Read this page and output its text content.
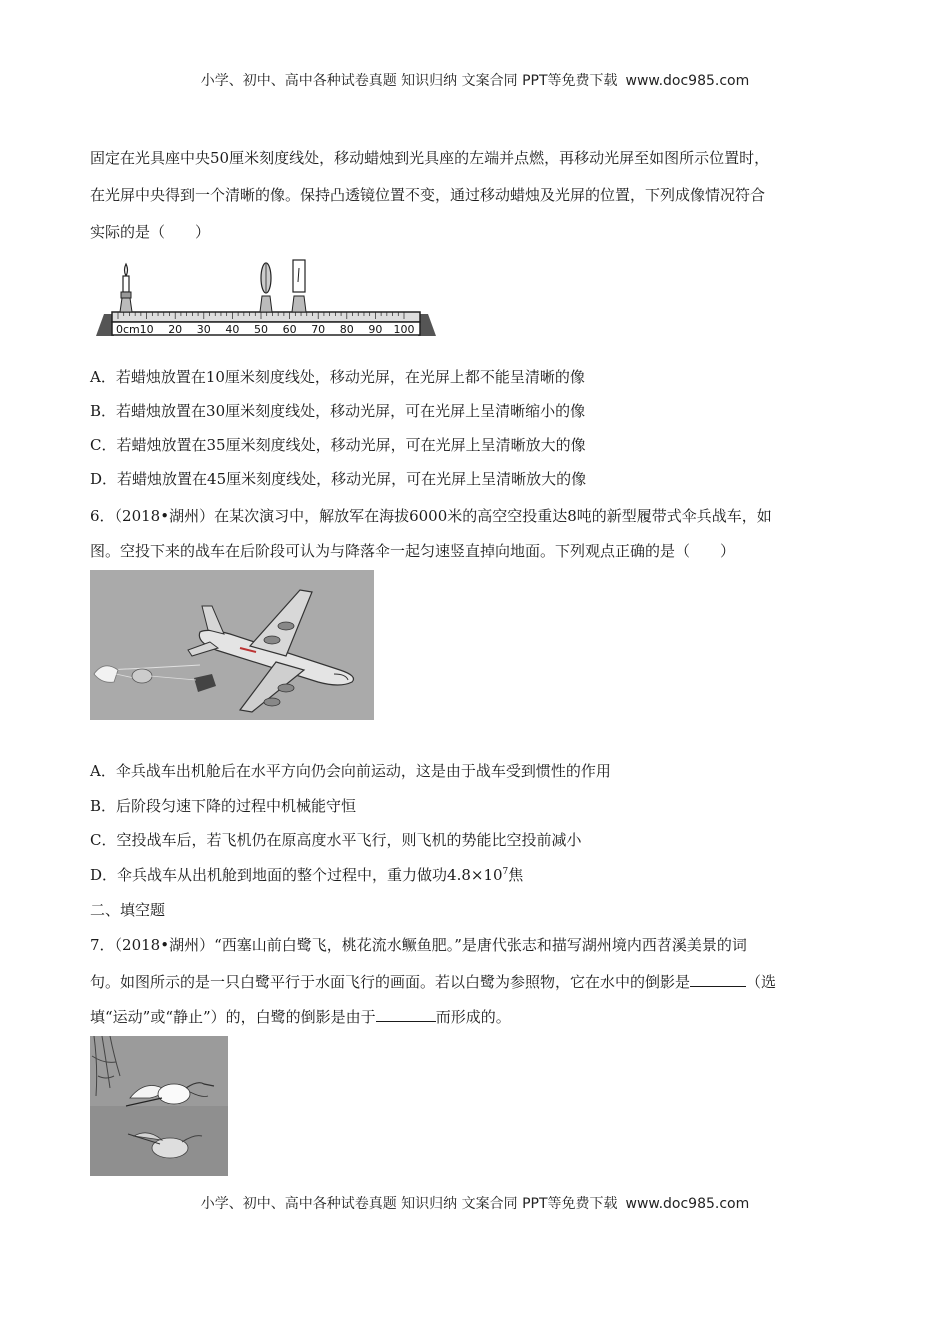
小学、初中、高中各种试卷真题 知识归纳 文案合同 PPT等免费下载 www.doc985.com
固定在光具座中央50厘米刻度线处，移动蜡烛到光具座的左端并点燃，再移动光屏至如图所示位置时，
在光屏中央得到一个清晰的像。保持凸透镜位置不变，通过移动蜡烛及光屏的位置，下列成像情况符合
实际的是（　　）
0cm 10 20 30 40 50 60 70 80 90 100
A．若蜡烛放置在10厘米刻度线处，移动光屏，在光屏上都不能呈清晰的像
B．若蜡烛放置在30厘米刻度线处，移动光屏，可在光屏上呈清晰缩小的像
C．若蜡烛放置在35厘米刻度线处，移动光屏，可在光屏上呈清晰放大的像
D．若蜡烛放置在45厘米刻度线处，移动光屏，可在光屏上呈清晰放大的像
6．（2018•湖州）在某次演习中，解放军在海拔6000米的高空空投重达8吨的新型履带式伞兵战车，如
图。空投下来的战车在后阶段可认为与降落伞一起匀速竖直掉向地面。下列观点正确的是（　　）
A．伞兵战车出机舱后在水平方向仍会向前运动，这是由于战车受到惯性的作用
B．后阶段匀速下降的过程中机械能守恒
C．空投战车后，若飞机仍在原高度水平飞行，则飞机的势能比空投前减小
D．伞兵战车从出机舱到地面的整个过程中，重力做功$4.8\times 10^7$焦
二、填空题
7．（2018•湖州）“西塞山前白鹭飞，桃花流水鳜鱼肥。”是唐代张志和描写湖州境内西苕溪美景的词
句。如图所示的是一只白鹭平行于水面飞行的画面。若以白鹭为参照物，它在水中的倒影是	（选
填“运动”或“静止”）的，白鹭的倒影是由于	而形成的。
小学、初中、高中各种试卷真题 知识归纳 文案合同 PPT等免费下载 www.doc985.com
